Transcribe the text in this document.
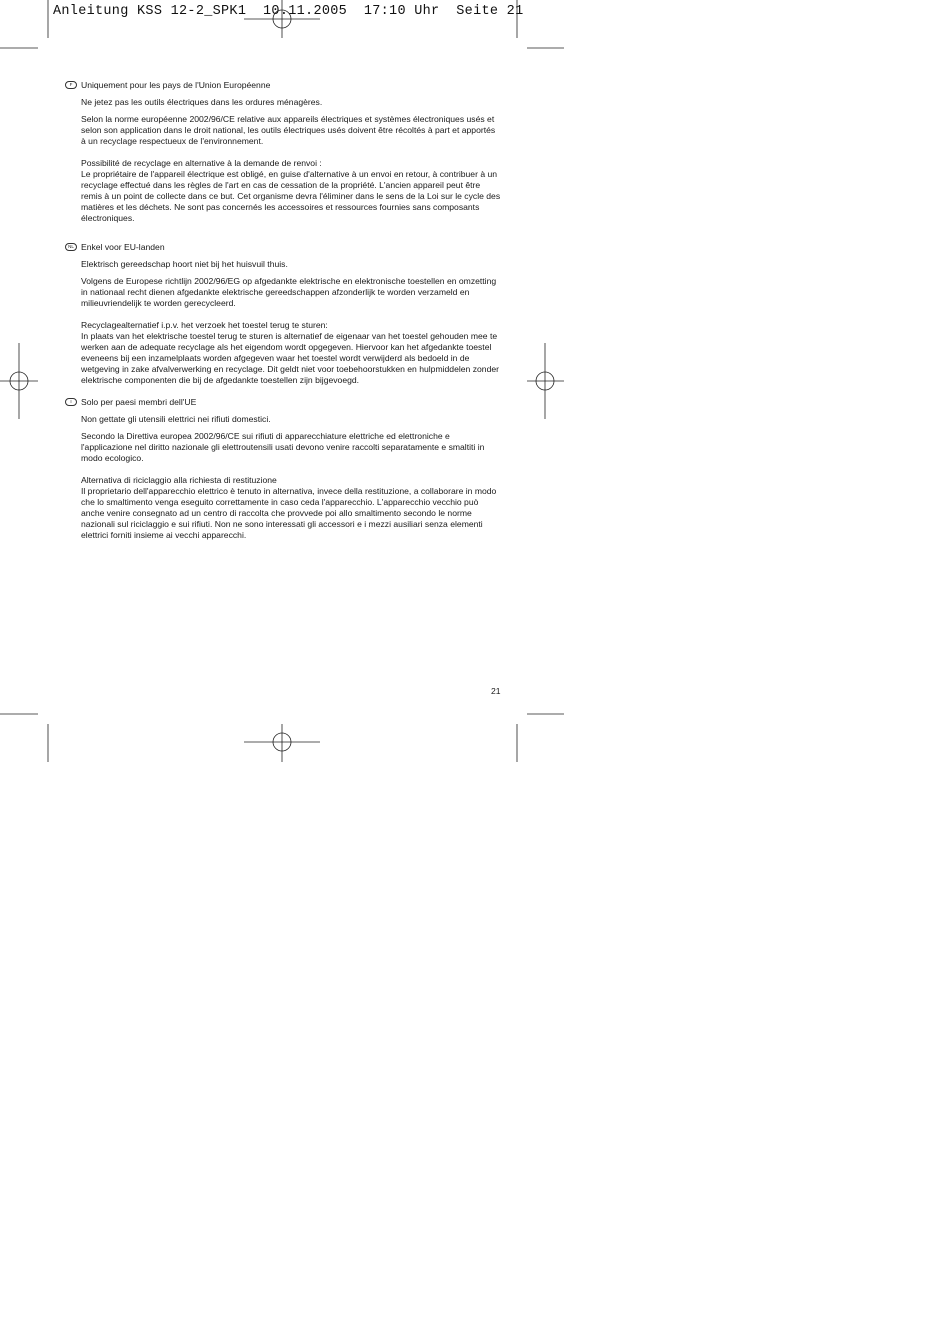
Anleitung KSS 12-2_SPK1  10.11.2005  17:10 Uhr  Seite 21
F	Uniquement pour les pays de l'Union Européenne

Ne jetez pas les outils électriques dans les ordures ménagères.

Selon la norme européenne 2002/96/CE relative aux appareils électriques et systèmes électroniques usés et selon son application dans le droit national, les outils électriques usés doivent être récoltés à part et apportés à un recyclage respectueux de l'environnement.

Possibilité de recyclage en alternative à la demande de renvoi :

Le propriétaire de l'appareil électrique est obligé, en guise d'alternative à un envoi en retour, à contribuer à un recyclage effectué dans les règles de l'art en cas de cessation de la propriété. L'ancien appareil peut être remis à un point de collecte dans ce but. Cet organisme devra l'éliminer dans le sens de la Loi sur le cycle des matières et les déchets. Ne sont pas concernés les accessoires et ressources fournies sans composants électroniques.

NL Enkel voor EU-landen

Elektrisch gereedschap hoort niet bij het huisvuil thuis.

Volgens de Europese richtlijn 2002/96/EG op afgedankte elektrische en elektronische toestellen en omzetting in nationaal recht dienen afgedankte elektrische gereedschappen afzonderlijk te worden verzameld en milieuvriendelijk te worden gerecycleerd.

Recyclagealternatief i.p.v. het verzoek het toestel terug te sturen:

In plaats van het elektrische toestel terug te sturen is alternatief de eigenaar van het toestel gehouden mee te werken aan de adequate recyclage als het eigendom wordt opgegeven. Hiervoor kan het afgedankte toestel eveneens bij een inzamelplaats worden afgegeven waar het toestel wordt verwijderd als bedoeld in de wetgeving in zake afvalverwerking en recyclage. Dit geldt niet voor toebehoorstukken en hulpmiddelen zonder elektrische componenten die bij de afgedankte toestellen zijn bijgevoegd.

I	Solo per paesi membri dell'UE

Non gettate gli utensili elettrici nei rifiuti domestici.

Secondo la Direttiva europea 2002/96/CE sui rifiuti di apparecchiature elettriche ed elettroniche e l'applicazione nel diritto nazionale gli elettroutensili usati devono venire raccolti separatamente e smaltiti in modo ecologico.

Alternativa di riciclaggio alla richiesta di restituzione

Il proprietario dell'apparecchio elettrico è tenuto in alternativa, invece della restituzione, a collaborare in modo che lo smaltimento venga eseguito correttamente in caso ceda l'apparecchio. L'apparecchio vecchio può anche venire consegnato ad un centro di raccolta che provvede poi allo smaltimento secondo le norme nazionali sul riciclaggio e sui rifiuti. Non ne sono interessati gli accessori e i mezzi ausiliari senza elementi elettrici forniti insieme ai vecchi apparecchi.

21
